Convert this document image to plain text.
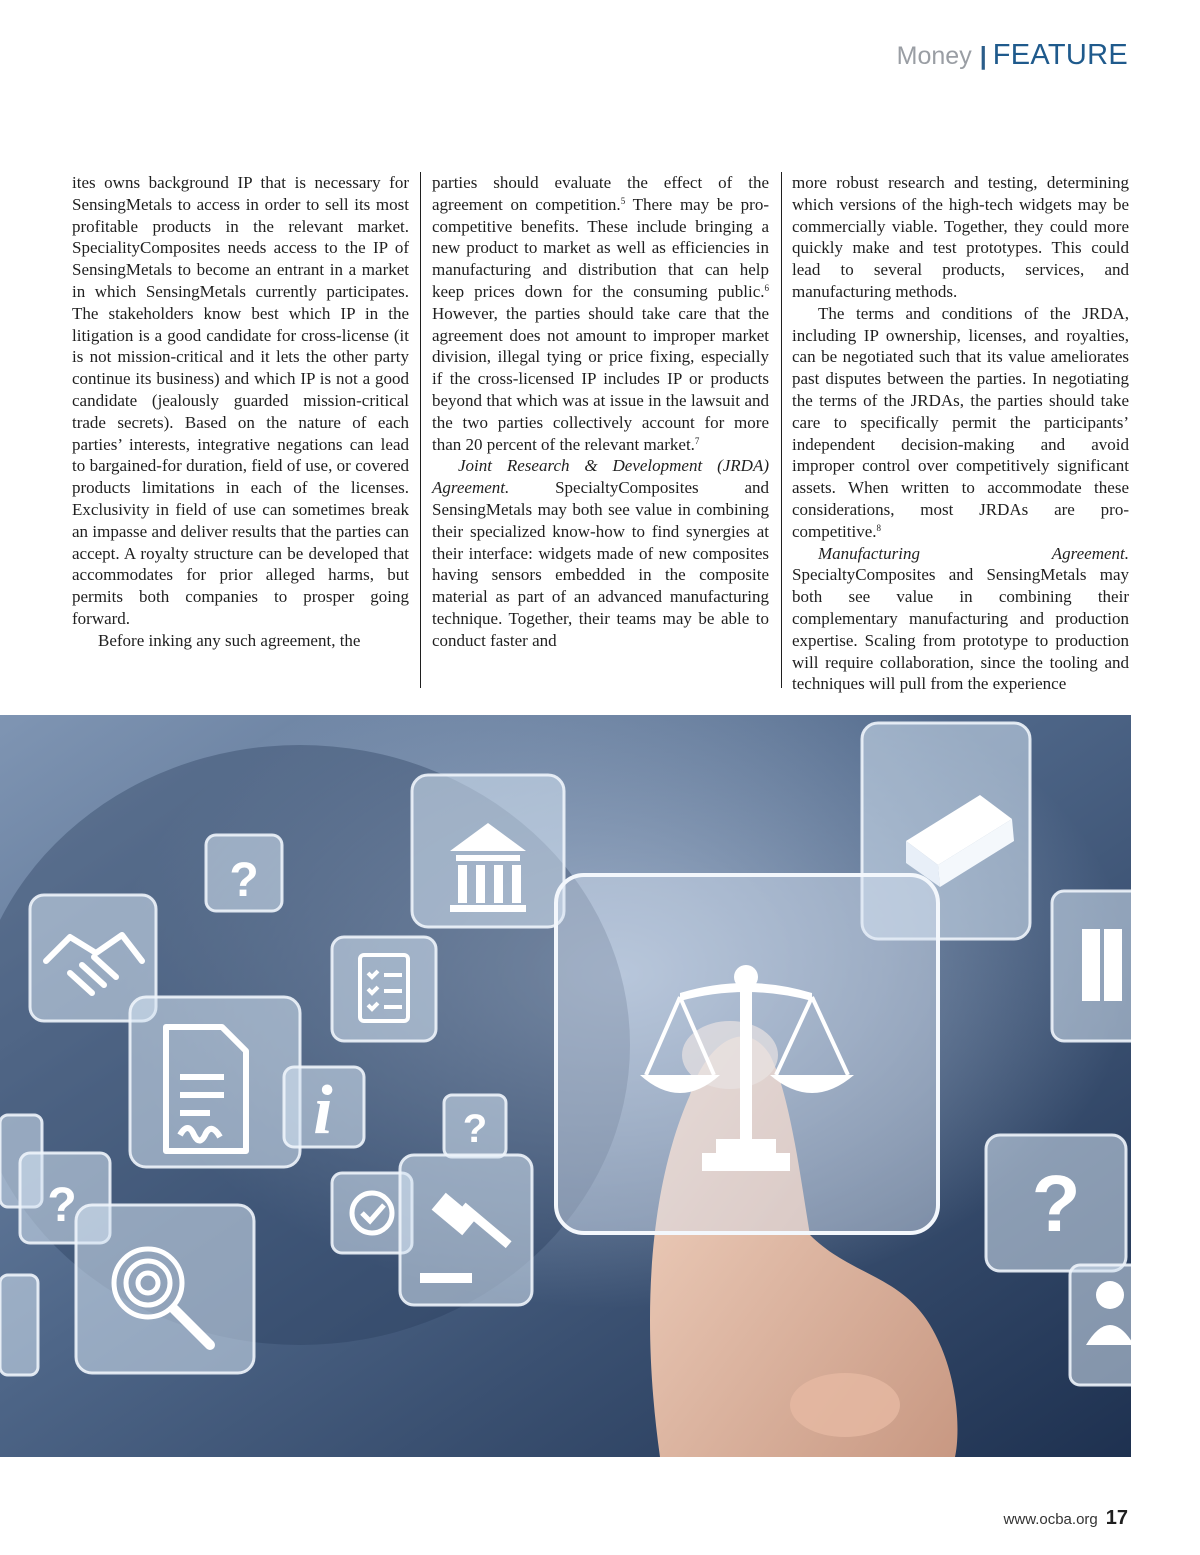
Money | FEATURE

ites owns background IP that is necessary for SensingMetals to access in order to sell its most profitable products in the relevant market. SpecialityComposites needs access to the IP of SensingMetals to become an entrant in a market in which SensingMetals currently participates. The stakeholders know best which IP in the litigation is a good candidate for cross-license (it is not mission-critical and it lets the other party continue its business) and which IP is not a good candidate (jealously guarded mission-critical trade secrets). Based on the nature of each parties’ interests, integrative negations can lead to bargained-for duration, field of use, or covered products limitations in each of the licenses. Exclusivity in field of use can sometimes break an impasse and deliver results that the parties can accept. A royalty structure can be developed that accommodates for prior alleged harms, but permits both companies to prosper going forward.

Before inking any such agreement, the

parties should evaluate the effect of the agreement on competition.$^5$ There may be pro-competitive benefits. These include bringing a new product to market as well as efficiencies in manufacturing and distribution that can help keep prices down for the consuming public.$^6$ However, the parties should take care that the agreement does not amount to improper market division, illegal tying or price fixing, especially if the cross-licensed IP includes IP or products beyond that which was at issue in the lawsuit and the two parties collectively account for more than 20 percent of the relevant market.$^7$

Joint Research & Development (JRDA) Agreement. SpecialtyComposites and SensingMetals may both see value in combining their specialized know-how to find synergies at their interface: widgets made of new composites having sensors embedded in the composite material as part of an advanced manufacturing technique. Together, their teams may be able to conduct faster and

more robust research and testing, determining which versions of the high-tech widgets may be commercially viable. Together, they could more quickly make and test prototypes. This could lead to several products, services, and manufacturing methods.

The terms and conditions of the JRDA, including IP ownership, licenses, and royalties, can be negotiated such that its value ameliorates past disputes between the parties. In negotiating the terms of the JRDAs, the parties should take care to specifically permit the participants’ independent decision-making and avoid improper control over competitively significant assets. When written to accommodate these considerations, most JRDAs are pro-competitive.$^8$

Manufacturing Agreement. SpecialtyComposites and SensingMetals may both see value in combining their complementary manufacturing and production expertise. Scaling from prototype to production will require collaboration, since the tooling and techniques will pull from the experience

?
?
?	?
i
www.ocba.org 17
